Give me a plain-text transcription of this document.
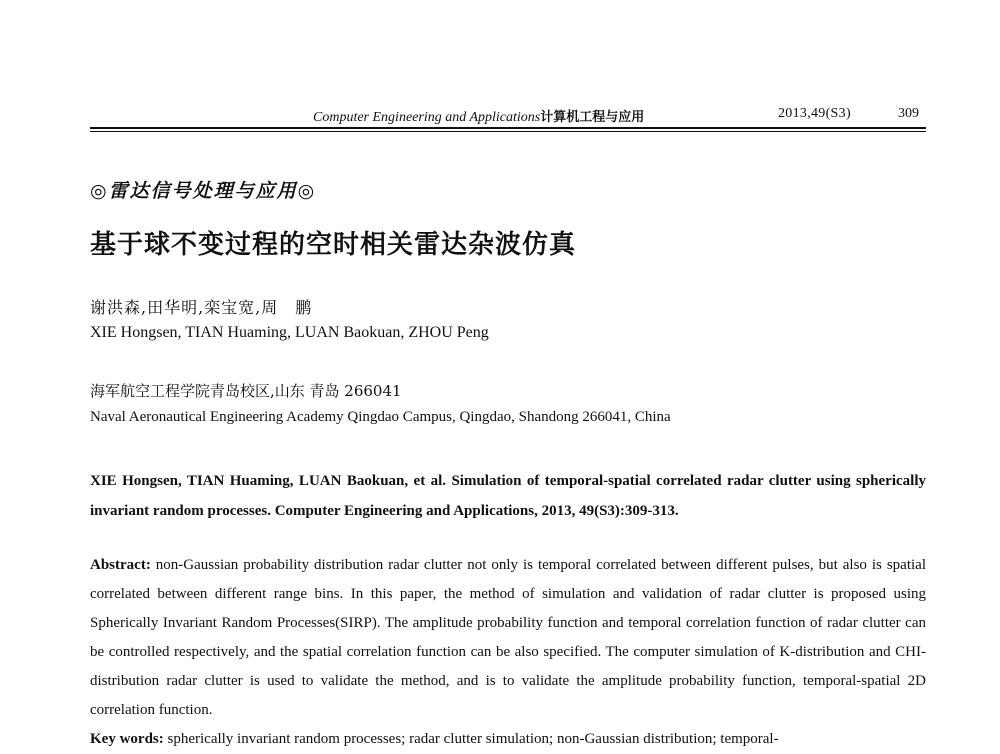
Computer Engineering and Applications计算机工程与应用	2013,49(S3)	309
◎雷达信号处理与应用◎
基于球不变过程的空时相关雷达杂波仿真
谢洪森,田华明,栾宝宽,周　鹏
XIE Hongsen, TIAN Huaming, LUAN Baokuan, ZHOU Peng
海军航空工程学院青岛校区,山东 青岛 266041
Naval Aeronautical Engineering Academy Qingdao Campus, Qingdao, Shandong 266041, China
XIE Hongsen, TIAN Huaming, LUAN Baokuan, et al. Simulation of temporal-spatial correlated radar clutter using spherically invariant random processes. Computer Engineering and Applications, 2013, 49(S3):309-313.
Abstract: non-Gaussian probability distribution radar clutter not only is temporal correlated between different pulses, but also is spatial correlated between different range bins. In this paper, the method of simulation and validation of radar clutter is proposed using Spherically Invariant Random Processes(SIRP). The amplitude probability function and temporal correlation function of radar clutter can be controlled respectively, and the spatial correlation function can be also specified. The computer simulation of K-distribution and CHI-distribution radar clutter is used to validate the method, and is to validate the amplitude probability function, temporal-spatial 2D correlation function.
Key words: spherically invariant random processes; radar clutter simulation; non-Gaussian distribution; temporal-
